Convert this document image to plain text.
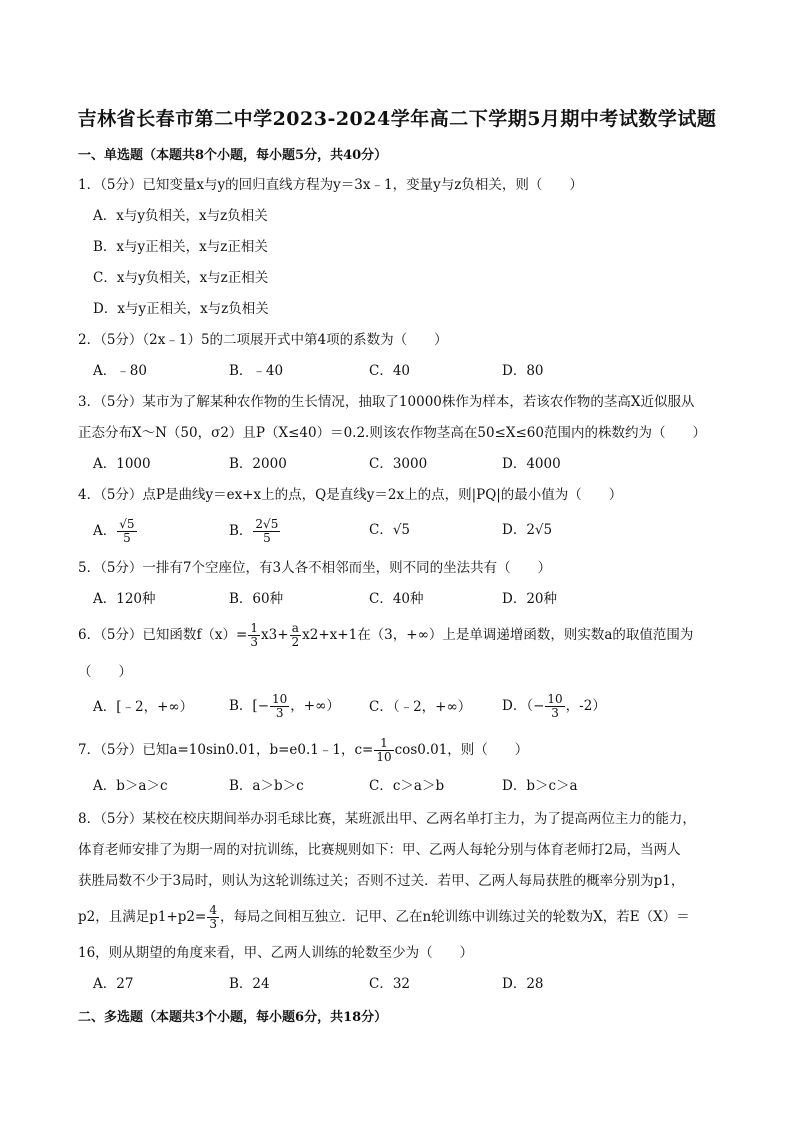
吉林省长春市第二中学2023-2024学年高二下学期5月期中考试数学试题
一、单选题（本题共8个小题，每小题5分，共40分）
1．（5分）已知变量x与y的回归直线方程为y＝3x﹣1，变量y与z负相关，则（　　）
A．x与y负相关，x与z负相关
B．x与y正相关，x与z正相关
C．x与y负相关，x与z正相关
D．x与y正相关，x与z负相关
2．（5分）（2x﹣1）5的二项展开式中第4项的系数为（　　）
A．﹣80	B．﹣40	C．40	D．80
3．（5分）某市为了解某种农作物的生长情况，抽取了10000株作为样本，若该农作物的茎高X近似服从
正态分布X～N（50，σ2）且P（X≤40）＝0.2.则该农作物茎高在50≤X≤60范围内的株数约为（　　）
A．1000	B．2000	C．3000	D．4000
4．（5分）点P是曲线y＝ex+x上的点，Q是直线y＝2x上的点，则|PQ|的最小值为（　　）
A． $\frac{√5}{5}$	B． $\frac{2√5}{5}$	C．√5	D．2√5
5．（5分）一排有7个空座位，有3人各不相邻而坐，则不同的坐法共有（　　）
A．120种	B．60种	C．40种	D．20种
6．（5分）已知函数$f(x)= \frac{1}{3} x3+ \frac{a}{2} x2+x+1$在（3，+∞）上是单调递增函数，则实数a的取值范围为
（　　）
A．[﹣2，+∞）	B．[− $\frac{10}{3}$ ，+∞） C．（﹣2，+∞） D．（− $\frac{10}{3}$ ，-2）
7．（5分）已知a=10sin0.01，b=e0.1﹣1，$c= \frac{1}{10} \cos 0.01$，则（　　）
A．b＞a＞c	B．a＞b＞c	C．c＞a＞b	D．b＞c＞a
8．（5分）某校在校庆期间举办羽毛球比赛，某班派出甲、乙两名单打主力，为了提高两位主力的能力，
体育老师安排了为期一周的对抗训练，比赛规则如下：甲、乙两人每轮分别与体育老师打2局，当两人
获胜局数不少于3局时，则认为这轮训练过关；否则不过关．若甲、乙两人每局获胜的概率分别为p1，
p2，且满足$p1+p2= \frac{4}{3}$ ，每局之间相互独立．记甲、乙在n轮训练中训练过关的轮数为X，若E（X）＝
16，则从期望的角度来看，甲、乙两人训练的轮数至少为（　　）
A．27	B．24	C．32	D．28
二、多选题（本题共3个小题，每小题6分，共18分）
